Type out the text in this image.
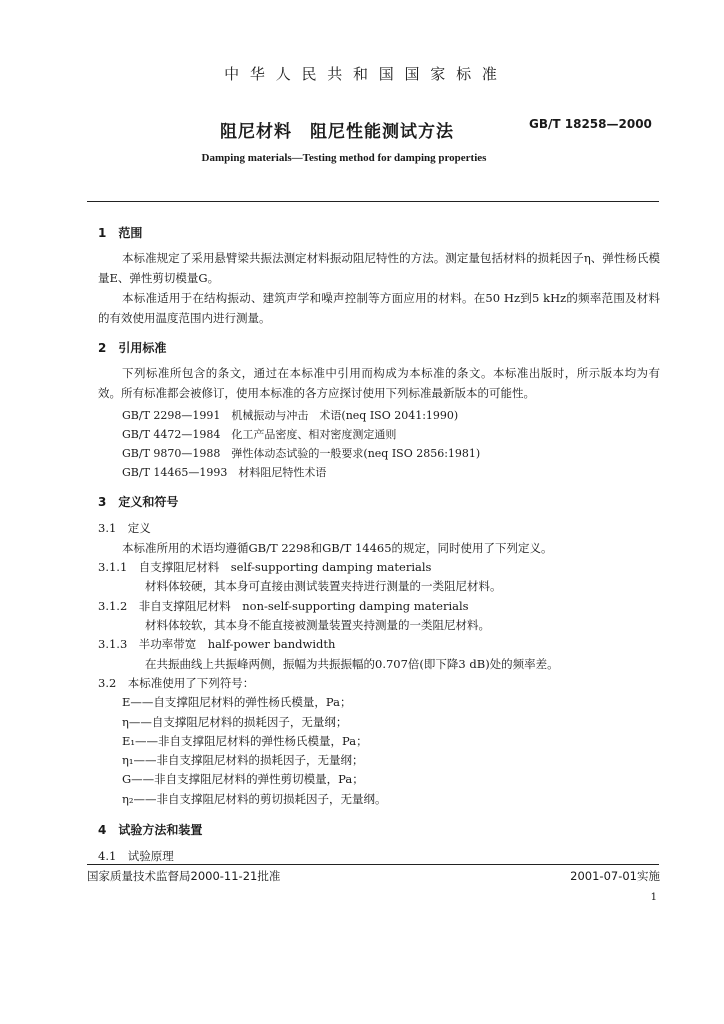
中 华 人 民 共 和 国 国 家 标 准
阻尼材料　阻尼性能测试方法	GB/T 18258—2000
Damping materials—Testing method for damping properties
1　范围
本标准规定了采用悬臂梁共振法测定材料振动阻尼特性的方法。测定量包括材料的损耗因子η、弹性杨氏模量E、弹性剪切模量G。
本标准适用于在结构振动、建筑声学和噪声控制等方面应用的材料。在50 Hz到5 kHz的频率范围及材料的有效使用温度范围内进行测量。
2　引用标准
下列标准所包含的条文，通过在本标准中引用而构成为本标准的条文。本标准出版时，所示版本均为有效。所有标准都会被修订，使用本标准的各方应探讨使用下列标准最新版本的可能性。
GB/T 2298—1991　机械振动与冲击　术语(neq ISO 2041:1990)
GB/T 4472—1984　化工产品密度、相对密度测定通则
GB/T 9870—1988　弹性体动态试验的一般要求(neq ISO 2856:1981)
GB/T 14465—1993　材料阻尼特性术语
3　定义和符号
3.1　定义
本标准所用的术语均遵循GB/T 2298和GB/T 14465的规定，同时使用了下列定义。
3.1.1　自支撑阻尼材料　self-supporting damping materials
材料体较硬，其本身可直接由测试装置夹持进行测量的一类阻尼材料。
3.1.2　非自支撑阻尼材料　non-self-supporting damping materials
材料体较软，其本身不能直接被测量装置夹持测量的一类阻尼材料。
3.1.3　半功率带宽　half-power bandwidth
在共振曲线上共振峰两侧，振幅为共振振幅的0.707倍(即下降3 dB)处的频率差。
3.2　本标准使用了下列符号：
E——自支撑阻尼材料的弹性杨氏模量，Pa；
η——自支撑阻尼材料的损耗因子，无量纲；
E₁——非自支撑阻尼材料的弹性杨氏模量，Pa；
η₁——非自支撑阻尼材料的损耗因子，无量纲；
G——非自支撑阻尼材料的弹性剪切模量，Pa；
η₂——非自支撑阻尼材料的剪切损耗因子，无量纲。
4　试验方法和装置
4.1　试验原理
国家质量技术监督局2000-11-21批准	2001-07-01实施
1
